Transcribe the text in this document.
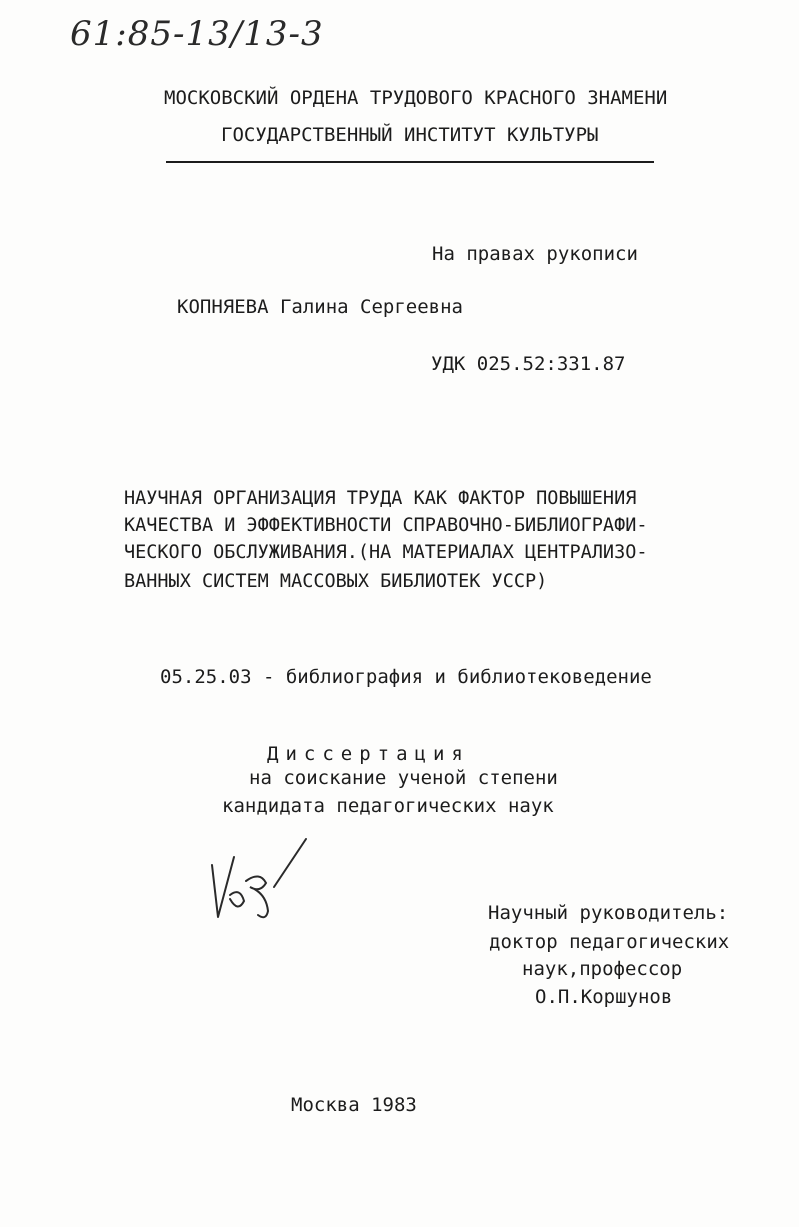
61:85-13/13-3
МОСКОВСКИЙ ОРДЕНА ТРУДОВОГО КРАСНОГО ЗНАМЕНИ
ГОСУДАРСТВЕННЫЙ ИНСТИТУТ КУЛЬТУРЫ
На правах рукописи
КОПНЯЕВА Галина Сергеевна
УДК 025.52:331.87
НАУЧНАЯ ОРГАНИЗАЦИЯ ТРУДА КАК ФАКТОР ПОВЫШЕНИЯ
КАЧЕСТВА И ЭФФЕКТИВНОСТИ СПРАВОЧНО-БИБЛИОГРАФИ-
ЧЕСКОГО ОБСЛУЖИВАНИЯ.(НА МАТЕРИАЛАХ ЦЕНТРАЛИЗО-
ВАННЫХ СИСТЕМ МАССОВЫХ БИБЛИОТЕК УССР)
05.25.03 - библиография и библиотековедение
Диссертация
на соискание ученой степени
кандидата педагогических наук
Научный руководитель:
доктор педагогических
наук,профессор
О.П.Коршунов
Москва 1983
